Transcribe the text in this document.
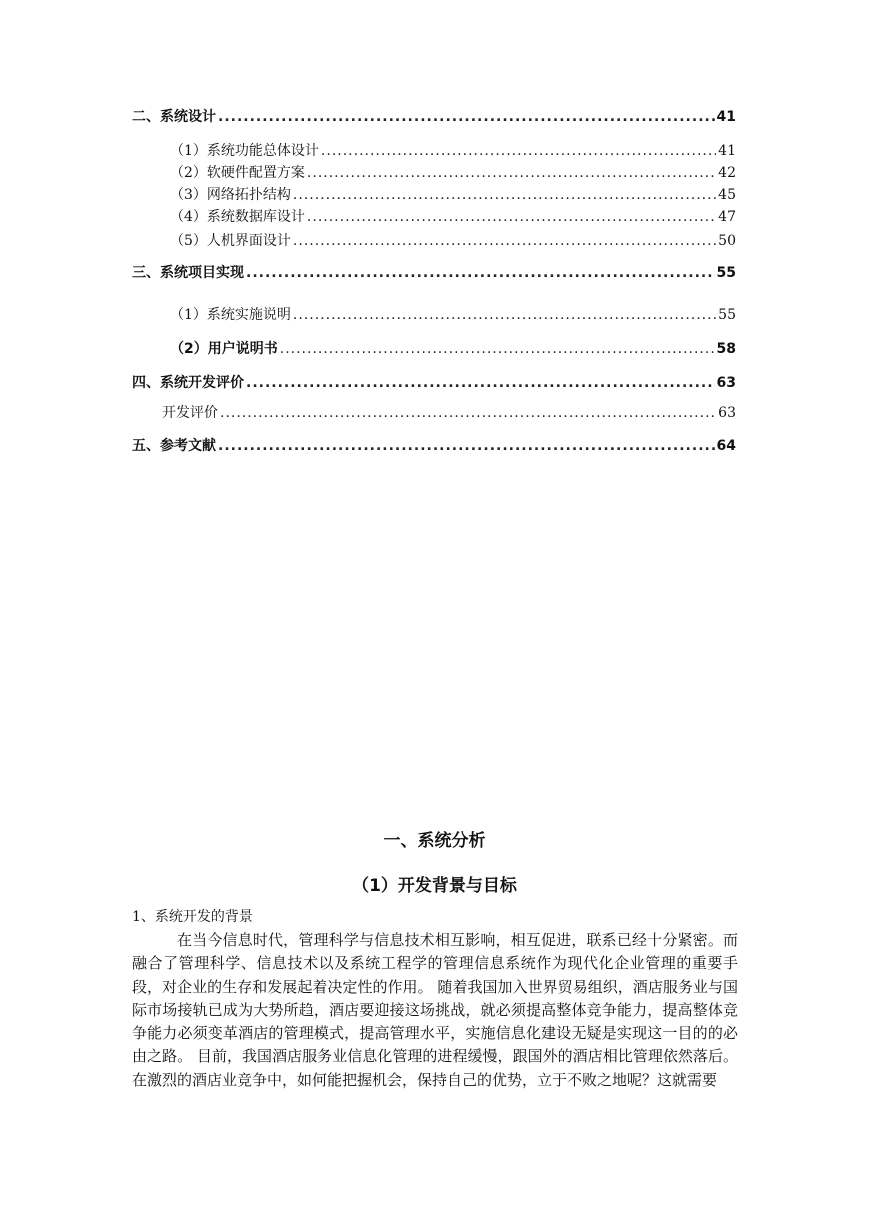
二、系统设计 .....	41
（1）系统功能总体设计 .....	41
（2）软硬件配置方案 .....	42
（3）网络拓扑结构 .....	45
（4）系统数据库设计 .....	47
（5）人机界面设计 .....	50
三、系统项目实现 .....	55
（1）系统实施说明 .....	55
（2）用户说明书 .....	58
四、系统开发评价 .....	63
开发评价 .....	63
五、参考文献 .....	64
一、系统分析
（1）开发背景与目标
1、系统开发的背景

在当今信息时代，管理科学与信息技术相互影响，相互促进，联系已经十分紧密。而融合了管理科学、信息技术以及系统工程学的管理信息系统作为现代化企业管理的重要手段，对企业的生存和发展起着决定性的作用。 随着我国加入世界贸易组织，酒店服务业与国际市场接轨已成为大势所趋，酒店要迎接这场挑战，就必须提高整体竞争能力，提高整体竞争能力必须变革酒店的管理模式，提高管理水平，实施信息化建设无疑是实现这一目的的必由之路。 目前，我国酒店服务业信息化管理的进程缓慢，跟国外的酒店相比管理依然落后。在激烈的酒店业竞争中，如何能把握机会，保持自己的优势，立于不败之地呢？这就需要
